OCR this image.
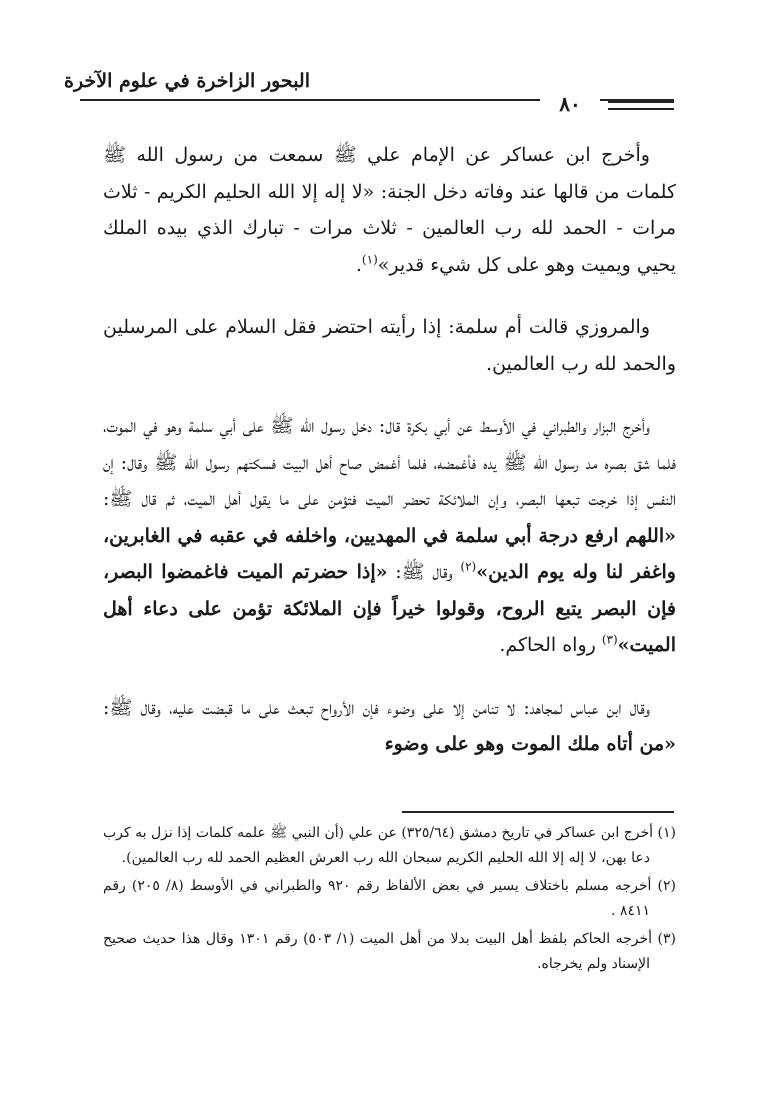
البحور الزاخرة في علوم الآخرة
٨٠

وأخرج ابن عساكر عن الإمام علي ﷺ سمعت من رسول الله ﷺ كلمات من قالها عند وفاته دخل الجنة: «لا إله إلا الله الحليم الكريم - ثلاث مرات - الحمد لله رب العالمين - ثلاث مرات - تبارك الذي بيده الملك يحيي ويميت وهو على كل شيء قدير»$^{(١)}$.

والمروزي قالت أم سلمة: إذا رأيته احتضر فقل السلام على المرسلين والحمد لله رب العالمين.

وأخرج البزار والطبراني في الأوسط عن أبي بكرة قال: دخل رسول الله ﷺ على أبي سلمة وهو في الموت، فلما شق بصره مد رسول الله ﷺ يده فأغمضه، فلما أغمض صاح أهل البيت فسكتهم رسول الله ﷺ وقال: إن النفس إذا خرجت تبعها البصر، وإن الملائكة تحضر الميت فتؤمن على ما يقول أهل الميت، ثم قال ﷺ: «اللهم ارفع درجة أبي سلمة في المهديين، واخلفه في عقبه في الغابرين، واغفر لنا وله يوم الدين»$^{(٢)}$ وقال ﷺ: «إذا حضرتم الميت فاغمضوا البصر، فإن البصر يتبع الروح، وقولوا خيراً فإن الملائكة تؤمن على دعاء أهل الميت»$^{(٣)}$ رواه الحاكم.

وقال ابن عباس لمجاهد: لا تنامن إلا على وضوء فإن الأرواح تبعث على ما قبضت عليه، وقال ﷺ: «من أتاه ملك الموت وهو على وضوء

(١) أخرج ابن عساكر في تاريخ دمشق (٣٢٥/٦٤) عن علي (أن النبي ﷺ علمه كلمات إذا نزل به كرب دعا بهن، لا إله إلا الله الحليم الكريم سبحان الله رب العرش العظيم الحمد لله رب العالمين).
(٢) أخرجه مسلم باختلاف يسير في بعض الألفاظ رقم ٩٢٠ والطبراني في الأوسط (٨/ ٢٠٥) رقم ٨٤١١ .
(٣) أخرجه الحاكم بلفظ أهل البيت بدلا من أهل الميت (١/ ٥٠٣) رقم ١٣٠١ وقال هذا حديث صحيح الإسناد ولم يخرجاه.
